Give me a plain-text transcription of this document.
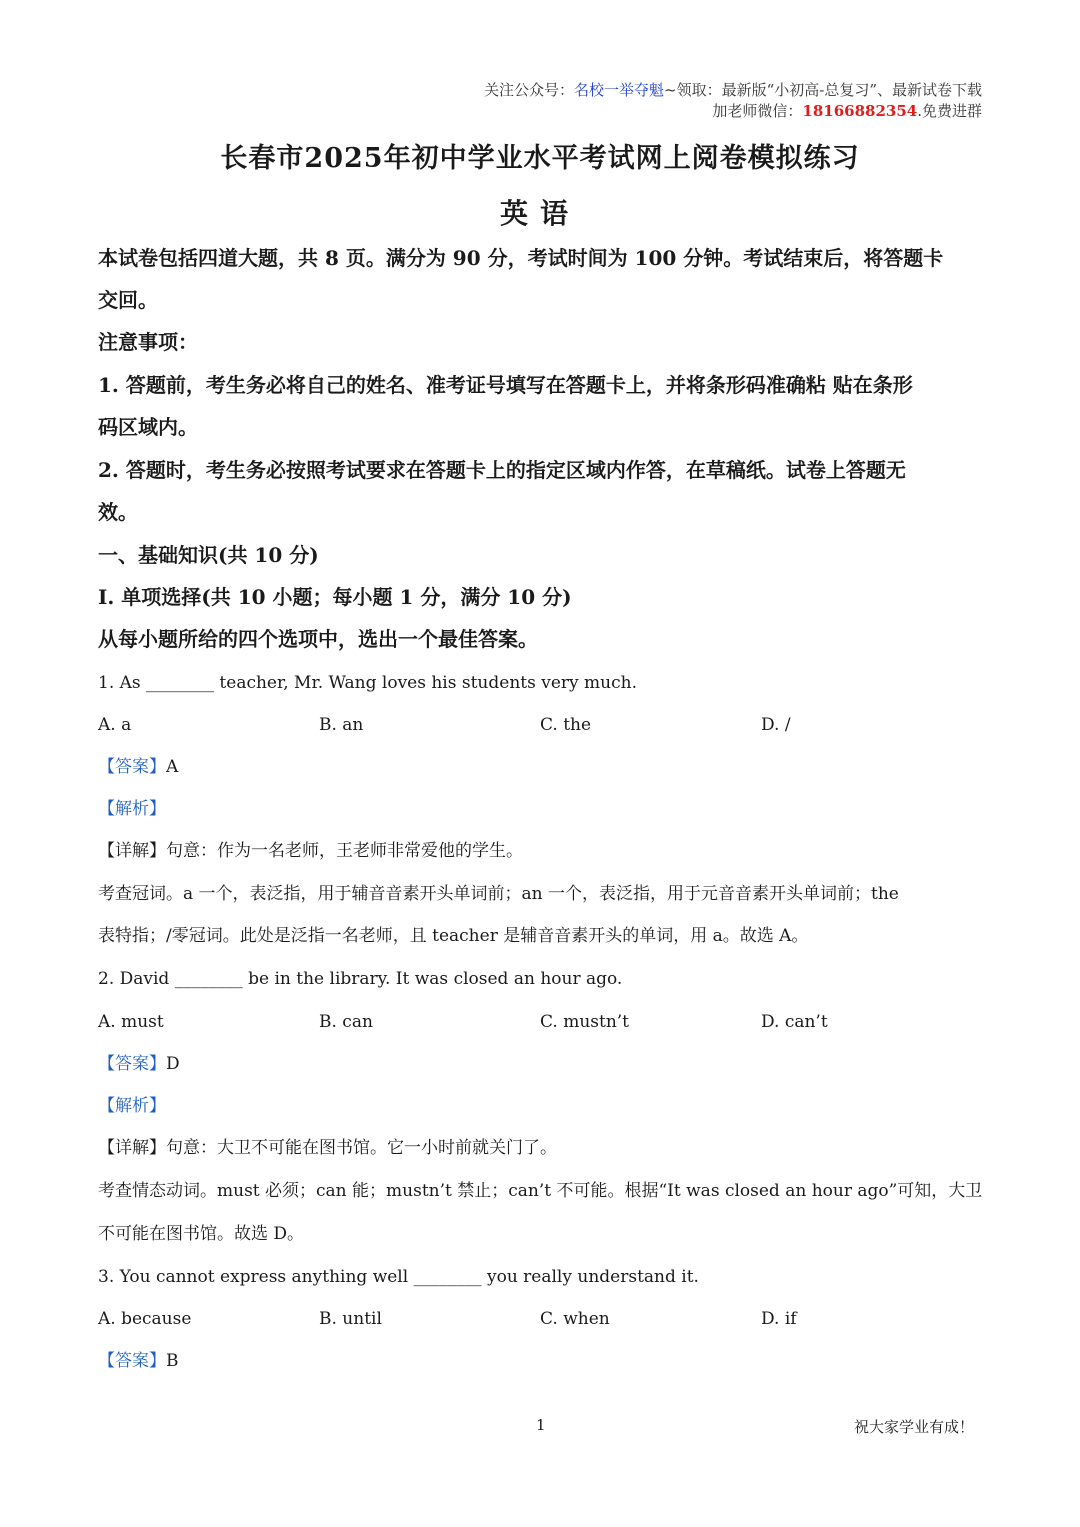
关注公众号：名校一举夺魁~领取：最新版“小初高-总复习”、最新试卷下载
加老师微信：18166882354.免费进群
长春市2025年初中学业水平考试网上阅卷模拟练习
英语
本试卷包括四道大题，共 8 页。满分为 90 分，考试时间为 100 分钟。考试结束后，将答题卡
交回。
注意事项：
1. 答题前，考生务必将自己的姓名、准考证号填写在答题卡上，并将条形码准确粘 贴在条形
码区域内。
2. 答题时，考生务必按照考试要求在答题卡上的指定区域内作答，在草稿纸。试卷上答题无
效。
一、基础知识(共 10 分)
I. 单项选择(共 10 小题；每小题 1 分，满分 10 分)
从每小题所给的四个选项中，选出一个最佳答案。
1. As ________ teacher, Mr. Wang loves his students very much.
A. a	B. an	C. the	D. /
【答案】A
【解析】
【详解】句意：作为一名老师，王老师非常爱他的学生。
考查冠词。a 一个，表泛指，用于辅音音素开头单词前；an 一个，表泛指，用于元音音素开头单词前；the
表特指；/零冠词。此处是泛指一名老师，且 teacher 是辅音音素开头的单词，用 a。故选 A。
2. David ________ be in the library. It was closed an hour ago.
A. must	B. can	C. mustn’t	D. can’t
【答案】D
【解析】
【详解】句意：大卫不可能在图书馆。它一小时前就关门了。
考查情态动词。must 必须；can 能；mustn’t 禁止；can’t 不可能。根据“It was closed an hour ago”可知，大卫
不可能在图书馆。故选 D。
3. You cannot express anything well ________ you really understand it.
A. because	B. until	C. when	D. if
【答案】B
1	祝大家学业有成！
